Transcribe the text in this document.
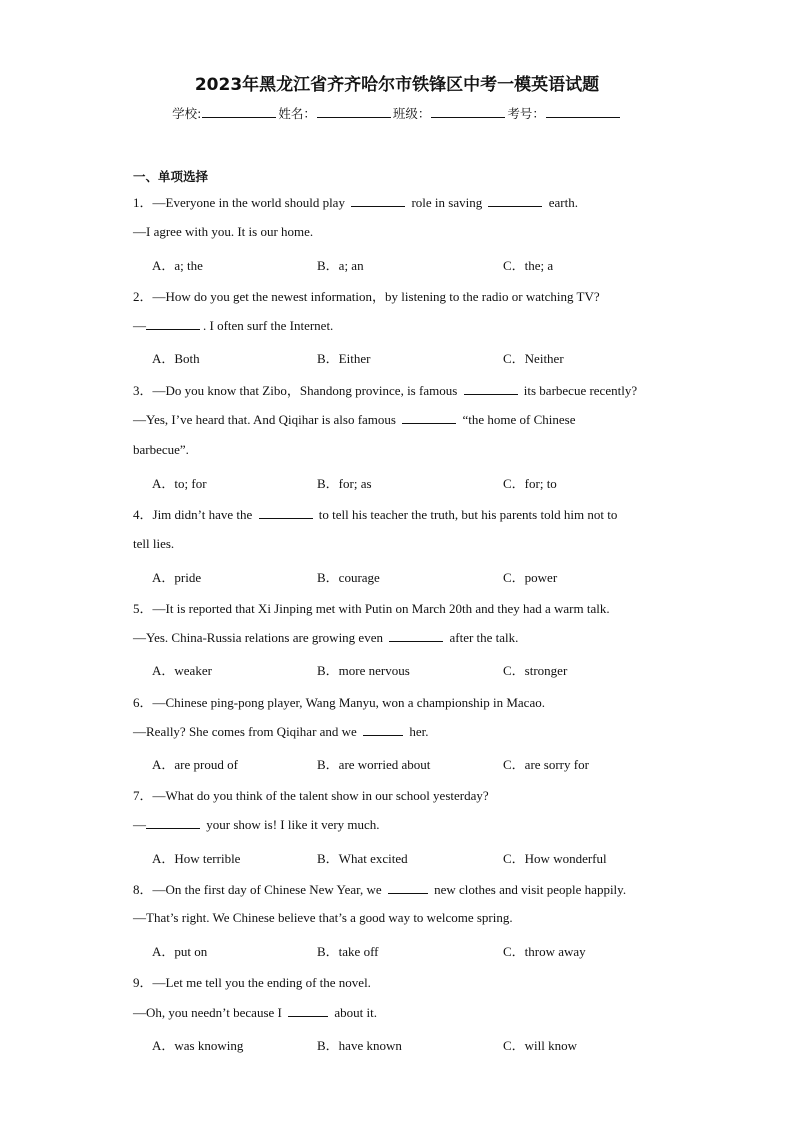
2023年黑龙江省齐齐哈尔市铁锋区中考一模英语试题
学校:	姓名：	班级：	考号：
一、单项选择
1．—Everyone in the world should play	role in saving	earth.
—I agree with you. It is our home.
A．a; the	B．a; an	C．the; a
2．—How do you get the newest information，by listening to the radio or watching TV?
—	. I often surf the Internet.
A．Both	B．Either	C．Neither
3．—Do you know that Zibo，Shandong province, is famous	its barbecue recently?
—Yes, I’ve heard that. And Qiqihar is also famous	“the home of Chinese
barbecue”.
A．to; for	B．for; as	C．for; to
4．Jim didn’t have the	to tell his teacher the truth, but his parents told him not to
tell lies.
A．pride	B．courage	C．power
5．—It is reported that Xi Jinping met with Putin on March 20th and they had a warm talk.
—Yes. China-Russia relations are growing even	after the talk.
A．weaker	B．more nervous	C．stronger
6．—Chinese ping-pong player, Wang Manyu, won a championship in Macao.
—Really? She comes from Qiqihar and we	her.
A．are proud of	B．are worried about	C．are sorry for
7．—What do you think of the talent show in our school yesterday?
—	your show is! I like it very much.
A．How terrible	B．What excited	C．How wonderful
8．—On the first day of Chinese New Year, we	new clothes and visit people happily.
—That’s right. We Chinese believe that’s a good way to welcome spring.
A．put on	B．take off	C．throw away
9．—Let me tell you the ending of the novel.
—Oh, you needn’t because I	about it.
A．was knowing	B．have known	C．will know
